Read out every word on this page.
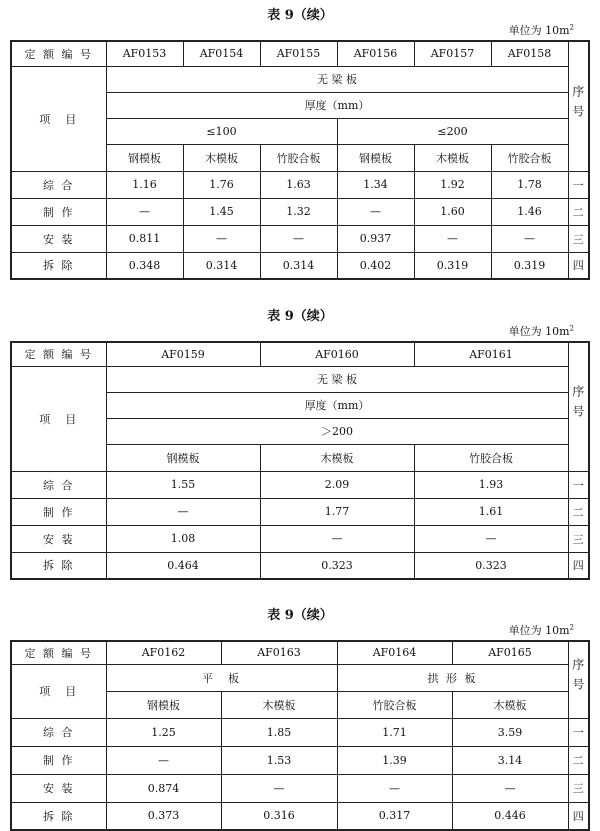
表 9（续）
单位为 $10m^2$
定 额 编 号	AF0153	AF0154	AF0155	AF0156	AF0157	AF0158	序号
项　目	无 梁 板						
	厚度（mm）						
	≤100			≤200			
	钢模板	木模板	竹胶合板	钢模板	木模板	竹胶合板	
综 合	1.16	1.76	1.63	1.34	1.92	1.78	一
制 作	—	1.45	1.32	—	1.60	1.46	二
安 装	0.811	—	—	0.937	—	—	三
拆 除	0.348	0.314	0.314	0.402	0.319	0.319	四
表 9（续）
单位为 $10m^2$
定 额 编 号	AF0159	AF0160	AF0161	序号
项　目	无 梁 板			
	厚度（mm）			
	＞200			
	钢模板	木模板	竹胶合板	
综 合	1.55	2.09	1.93	一
制 作	—	1.77	1.61	二
安 装	1.08	—	—	三
拆 除	0.464	0.323	0.323	四
表 9（续）
单位为 $10m^2$
定 额 编 号	AF0162	AF0163	AF0164	AF0165	序号
项　目	平　板		拱 形 板		
	钢模板	木模板	竹胶合板	木模板	
综 合	1.25	1.85	1.71	3.59	一
制 作	—	1.53	1.39	3.14	二
安 装	0.874	—	—	—	三
拆 除	0.373	0.316	0.317	0.446	四
